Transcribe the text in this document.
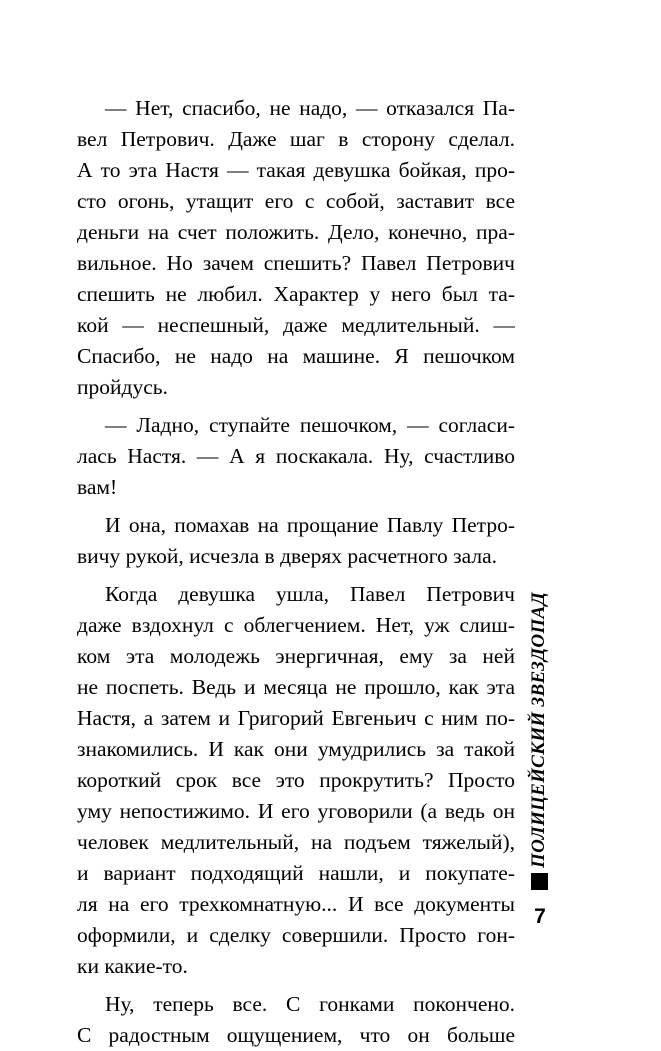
— Нет, спасибо, не надо, — отказался Па-
вел Петрович. Даже шаг в сторону сделал.
А то эта Настя — такая девушка бойкая, про-
сто огонь, утащит его с собой, заставит все
деньги на счет положить. Дело, конечно, пра-
вильное. Но зачем спешить? Павел Петрович
спешить не любил. Характер у него был та-
кой — неспешный, даже медлительный. —
Спасибо, не надо на машине. Я пешочком
пройдусь.
— Ладно, ступайте пешочком, — согласи-
лась Настя. — А я поскакала. Ну, счастливо
вам!
И она, помахав на прощание Павлу Петро-
вичу рукой, исчезла в дверях расчетного зала.
Когда девушка ушла, Павел Петрович
даже вздохнул с облегчением. Нет, уж слиш-
ком эта молодежь энергичная, ему за ней
не поспеть. Ведь и месяца не прошло, как эта
Настя, а затем и Григорий Евгеньич с ним по-
знакомились. И как они умудрились за такой
короткий срок все это прокрутить? Просто
уму непостижимо. И его уговорили (а ведь он
человек медлительный, на подъем тяжелый),
и вариант подходящий нашли, и покупате-
ля на его трехкомнатную... И все документы
оформили, и сделку совершили. Просто гон-
ки какие-то.
Ну, теперь все. С гонками покончено.
С радостным ощущением, что он больше
ПОЛИЦЕЙСКИЙ ЗВЕЗДОПАД
7
